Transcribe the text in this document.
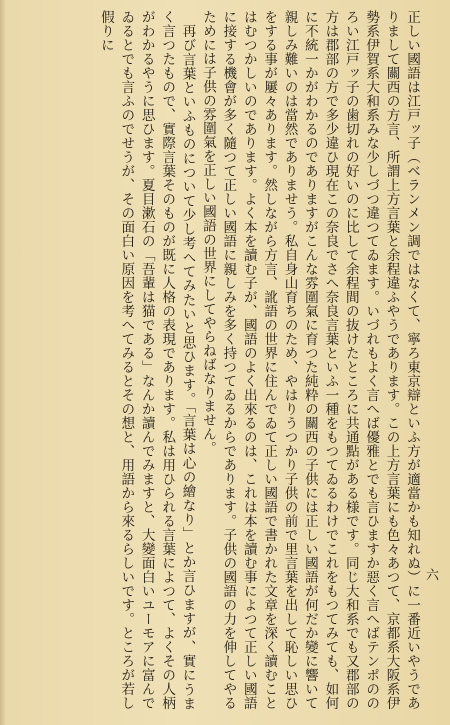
正しい國語は江戸ッ子（ベランメン調ではなくて、寧ろ東京辯といふ方が適當かも知れぬ）に一番近いやうでありまして關西の方言、所謂上方言葉と余程違ふやうであります。この上方言葉にも色々あつて、京都系大阪系伊勢系伊賀系大和系みな少しづつ違つてゐます。いづれもよく言へば優雅とでも言ひますか惡く言へばテンポののろい江戸ッ子の歯切れの好いのに比して余程間の抜けたところに共通點がある様です。同じ大和系でも又郡部の方は郡部の方で多少違ひ現在この奈良でさへ奈良言葉といふ一種をもつてゐるわけでこれをもつてみても、如何に不統一かがわかるのでありますがこんな雰圍氣に育つた純粋の關西の子供には正しい國語が何だか變に響いて親しみ難いのは當然でありませう。私自身山育ちのため、やはりうつかり子供の前で里言葉を出して恥しい思ひをする事が屢々あります。然しながら方言、訛語の世界に住んでゐて正しい國語で書かれた文章を深く讀むことはむつかしいのであります。よく本を讀む子が、國語のよく出來るのは、これは本を讀む事によつて正しい國語に接する機會が多く隨つて正しい國語に親しみを多く持つてゐるからであります。子供の國語の力を伸してやるためには子供の雰圍氣を正しい國語の世界にしてやらねばなりません。

再び言葉といふものについて少し考へてみたいと思ひます。「言葉は心の繪なり」とか言ひますが、實にうまく言つたもので、實際言葉そのものが既に人格の表現であります。私は用ひられる言葉によつて、よくその人柄がわかるやうに思ひます。夏目漱石の「吾輩は猫である」なんか讀んでみますと、大變面白いユーモアに富んでゐるとでも言ふのでせうが、その面白い原因を考へてみるとその想と、用語から來るらしいです。ところが若し假りに

六
